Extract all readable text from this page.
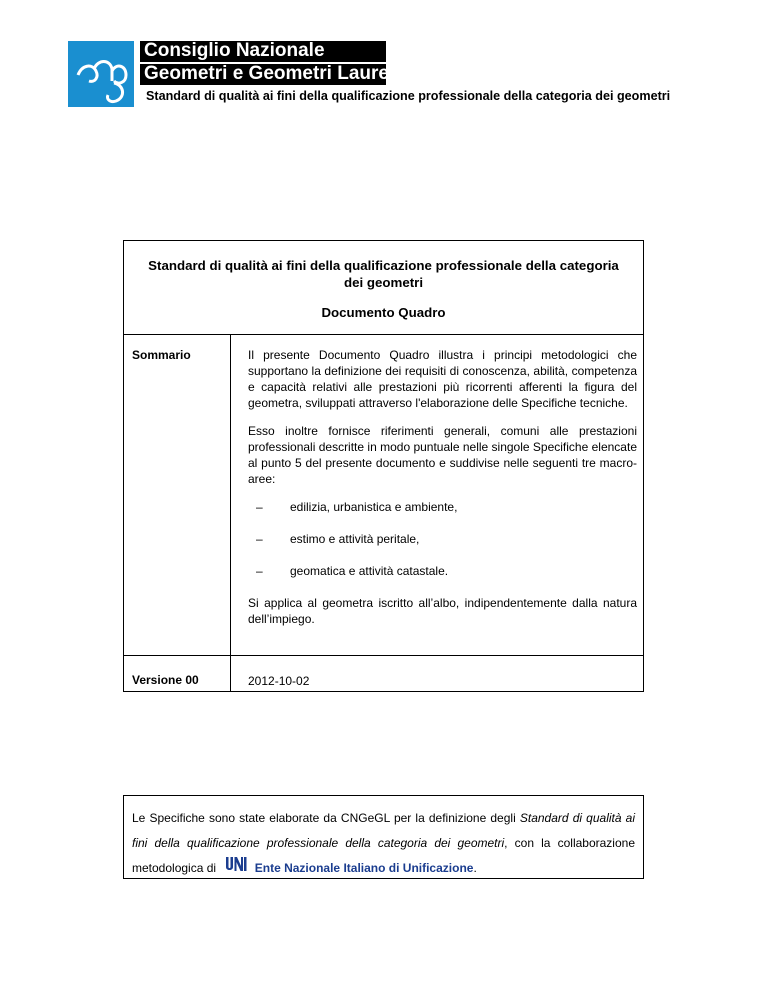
Consiglio Nazionale
Geometri e Geometri Laureati
Standard di qualità ai fini della qualificazione professionale della categoria dei geometri
Standard di qualità ai fini della qualificazione professionale della categoria dei geometri
Documento Quadro
Sommario	Il presente Documento Quadro illustra i principi metodologici che supportano la definizione dei requisiti di conoscenza, abilità, competenza e capacità relativi alle prestazioni più ricorrenti afferenti la figura del geometra, sviluppati attraverso l'elaborazione delle Specifiche tecniche.

Esso inoltre fornisce riferimenti generali, comuni alle prestazioni professionali descritte in modo puntuale nelle singole Specifiche elencate al punto 5 del presente documento e suddivise nelle seguenti tre macro-aree:

– edilizia, urbanistica e ambiente,
– estimo e attività peritale,
– geomatica e attività catastale.

Si applica al geometra iscritto all’albo, indipendentemente dalla natura dell’impiego.

Versione 00	2012-10-02
Le Specifiche sono state elaborate da CNGeGL per la definizione degli Standard di qualità ai fini della qualificazione professionale della categoria dei geometri, con la collaborazione metodologica di	Ente Nazionale Italiano di Unificazione.
